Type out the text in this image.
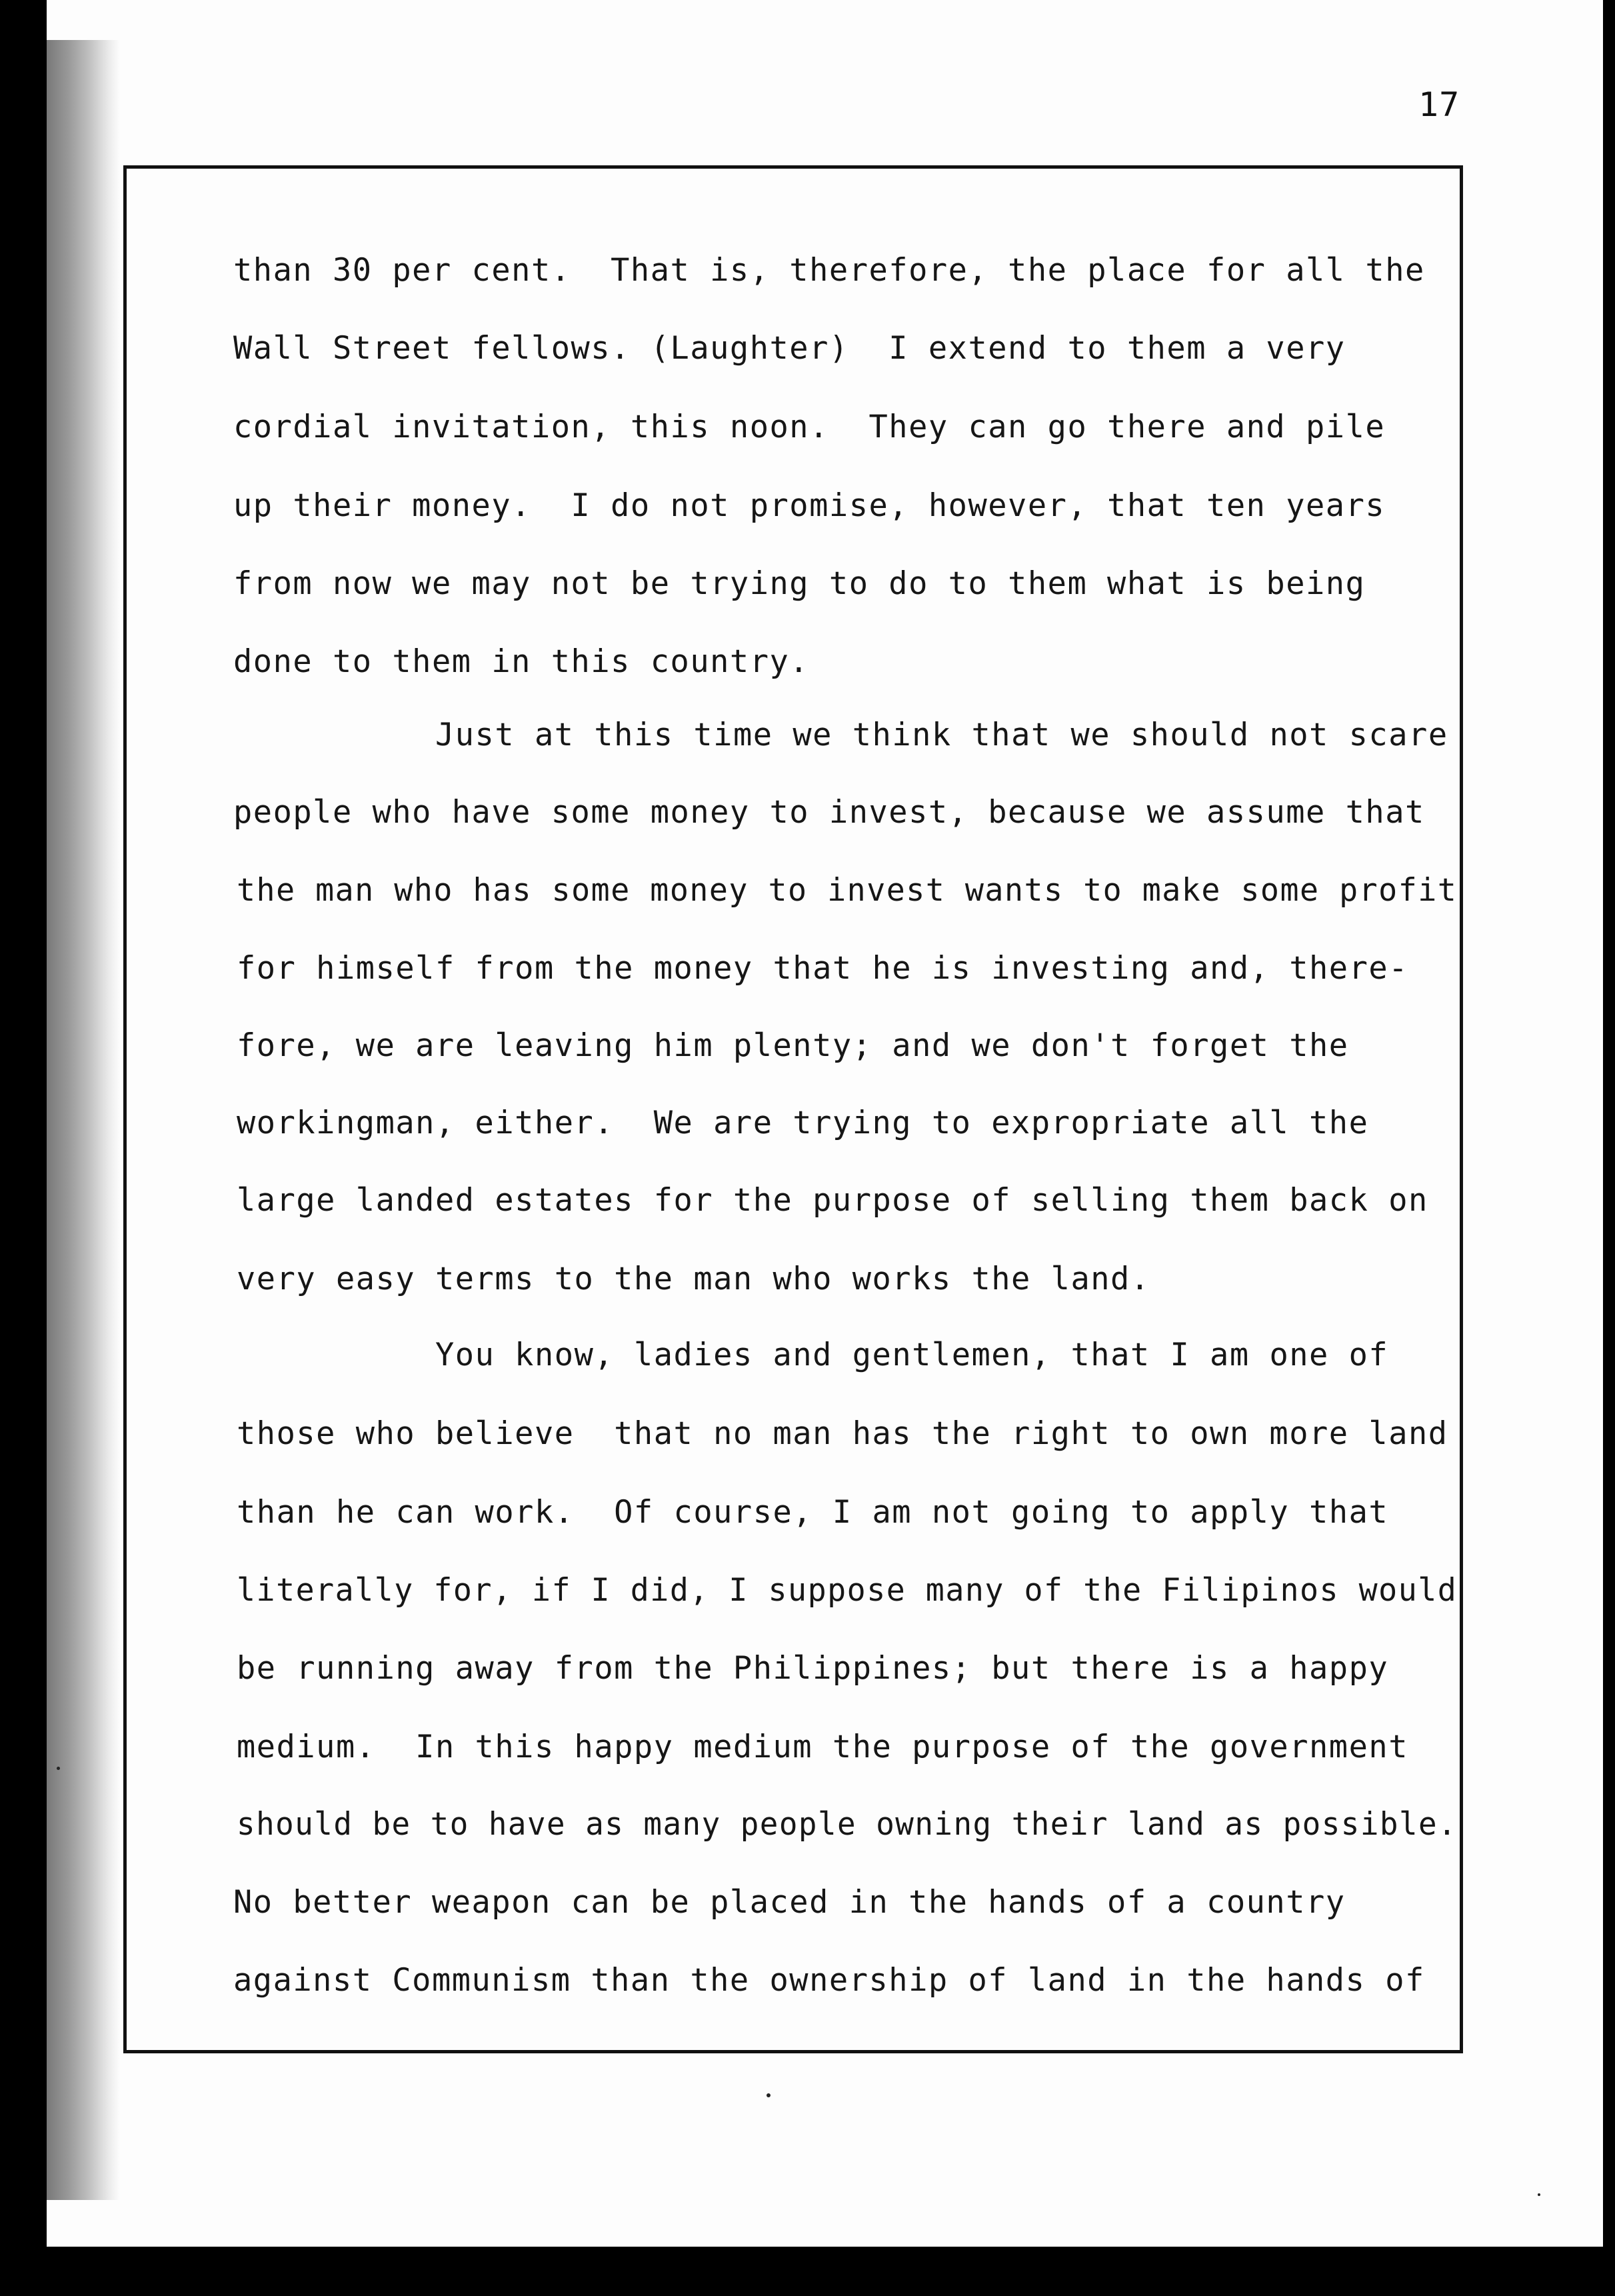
17
than 30 per cent.  That is, therefore, the place for all the
Wall Street fellows. (Laughter)  I extend to them a very
cordial invitation, this noon.  They can go there and pile
up their money.  I do not promise, however, that ten years
from now we may not be trying to do to them what is being
done to them in this country.
Just at this time we think that we should not scare
people who have some money to invest, because we assume that
the man who has some money to invest wants to make some profit
for himself from the money that he is investing and, there-
fore, we are leaving him plenty; and we don't forget the
workingman, either.  We are trying to expropriate all the
large landed estates for the purpose of selling them back on
very easy terms to the man who works the land.
You know, ladies and gentlemen, that I am one of
those who believe  that no man has the right to own more land
than he can work.  Of course, I am not going to apply that
literally for, if I did, I suppose many of the Filipinos would
be running away from the Philippines; but there is a happy
medium.  In this happy medium the purpose of the government
should be to have as many people owning their land as possible.
No better weapon can be placed in the hands of a country
against Communism than the ownership of land in the hands of
